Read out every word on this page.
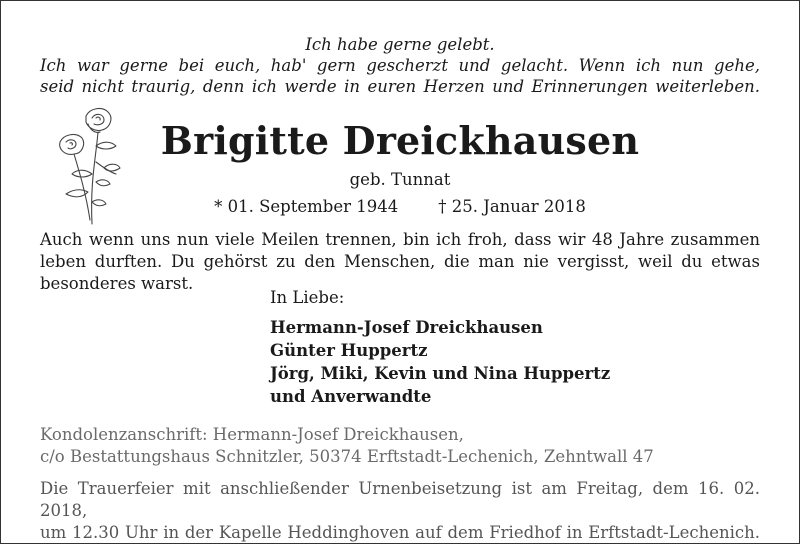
Ich habe gerne gelebt.
Ich war gerne bei euch, hab' gern gescherzt und gelacht. Wenn ich nun gehe,
seid nicht traurig, denn ich werde in euren Herzen und Erinnerungen weiterleben.
Brigitte Dreickhausen
geb. Tunnat
* 01. September 1944 † 25. Januar 2018
Auch wenn uns nun viele Meilen trennen, bin ich froh, dass wir 48 Jahre zusammen
leben durften. Du gehörst zu den Menschen, die man nie vergisst, weil du etwas
besonderes warst.
In Liebe:
Hermann-Josef Dreickhausen
Günter Huppertz
Jörg, Miki, Kevin und Nina Huppertz
und Anverwandte
Kondolenzanschrift: Hermann-Josef Dreickhausen,
c/o Bestattungshaus Schnitzler, 50374 Erftstadt-Lechenich, Zehntwall 47
Die Trauerfeier mit anschließender Urnenbeisetzung ist am Freitag, dem 16. 02. 2018,
um 12.30 Uhr in der Kapelle Heddinghoven auf dem Friedhof in Erftstadt-Lechenich.
